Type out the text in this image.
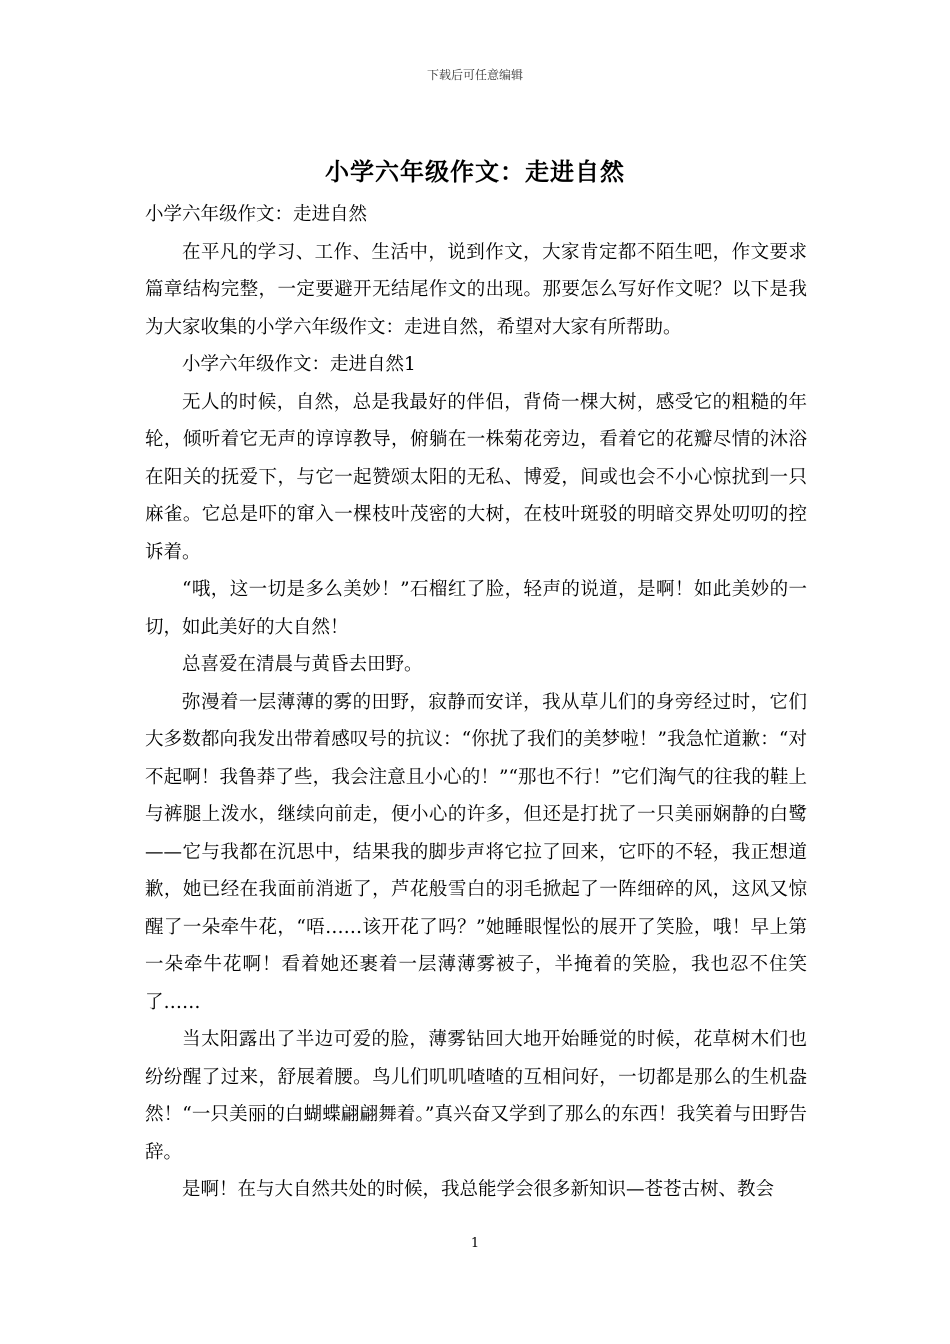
下载后可任意编辑
小学六年级作文：走进自然

小学六年级作文：走进自然

在平凡的学习、工作、生活中，说到作文，大家肯定都不陌生吧，作文要求篇章结构完整，一定要避开无结尾作文的出现。那要怎么写好作文呢？以下是我为大家收集的小学六年级作文：走进自然，希望对大家有所帮助。

小学六年级作文：走进自然1

无人的时候，自然，总是我最好的伴侣，背倚一棵大树，感受它的粗糙的年轮，倾听着它无声的谆谆教导，俯躺在一株菊花旁边，看着它的花瓣尽情的沐浴在阳关的抚爱下，与它一起赞颂太阳的无私、博爱，间或也会不小心惊扰到一只麻雀。它总是吓的窜入一棵枝叶茂密的大树，在枝叶斑驳的明暗交界处叨叨的控诉着。

“哦，这一切是多么美妙！”石榴红了脸，轻声的说道，是啊！如此美妙的一切，如此美好的大自然！

总喜爱在清晨与黄昏去田野。

弥漫着一层薄薄的雾的田野，寂静而安详，我从草儿们的身旁经过时，它们大多数都向我发出带着感叹号的抗议：“你扰了我们的美梦啦！”我急忙道歉：“对不起啊！我鲁莽了些，我会注意且小心的！”“那也不行！”它们淘气的往我的鞋上与裤腿上泼水，继续向前走，便小心的许多，但还是打扰了一只美丽娴静的白鹭——它与我都在沉思中，结果我的脚步声将它拉了回来，它吓的不轻，我正想道歉，她已经在我面前消逝了，芦花般雪白的羽毛掀起了一阵细碎的风，这风又惊醒了一朵牵牛花，“唔……该开花了吗？”她睡眼惺忪的展开了笑脸，哦！早上第一朵牵牛花啊！看着她还裹着一层薄薄雾被子，半掩着的笑脸，我也忍不住笑了……

当太阳露出了半边可爱的脸，薄雾钻回大地开始睡觉的时候，花草树木们也纷纷醒了过来，舒展着腰。鸟儿们叽叽喳喳的互相问好，一切都是那么的生机盎然！“一只美丽的白蝴蝶翩翩舞着。”真兴奋又学到了那么的东西！我笑着与田野告辞。

是啊！在与大自然共处的时候，我总能学会很多新知识—苍苍古树、教会

1
